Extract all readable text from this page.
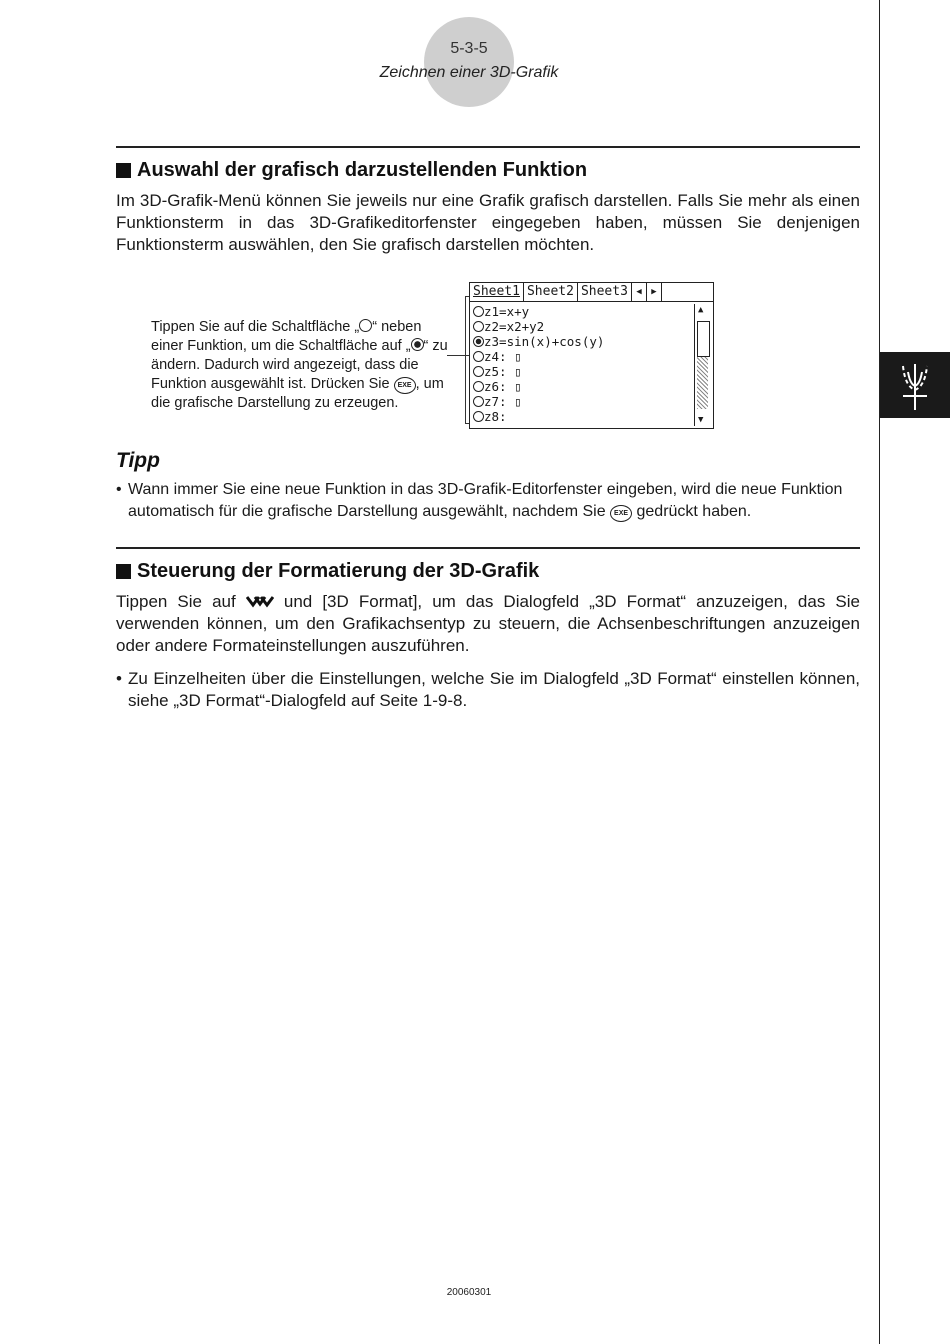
5-3-5
Zeichnen einer 3D-Grafik
Auswahl der grafisch darzustellenden Funktion
Im 3D-Grafik-Menü können Sie jeweils nur eine Grafik grafisch darstellen. Falls Sie mehr als einen Funktionsterm in das 3D-Grafikeditorfenster eingegeben haben, müssen Sie denjenigen Funktionsterm auswählen, den Sie grafisch darstellen möchten.
Tippen Sie auf die Schaltfläche „ “ neben einer Funktion, um die Schaltfläche auf „ “ zu ändern. Dadurch wird angezeigt, dass die Funktion ausgewählt ist. Drücken Sie EXE , um die grafische Darstellung zu erzeugen.
Sheet1 Sheet2 Sheet3 ◀	▶
z1=x+y
z2=x2+y2
z3=sin(x)+cos(y)
z4: ▯
z5: ▯
z6: ▯
z7: ▯
z8:
▲
▼
Tipp
• Wann immer Sie eine neue Funktion in das 3D-Grafik-Editorfenster eingeben, wird die neue Funktion automatisch für die grafische Darstellung ausgewählt, nachdem Sie EXE gedrückt haben.
Steuerung der Formatierung der 3D-Grafik
Tippen Sie auf  und [3D Format], um das Dialogfeld „3D Format“ anzuzeigen, das Sie verwenden können, um den Grafikachsentyp zu steuern, die Achsenbeschriftungen anzuzeigen oder andere Formateinstellungen auszuführen.
• Zu Einzelheiten über die Einstellungen, welche Sie im Dialogfeld „3D Format“ einstellen können, siehe „3D Format“-Dialogfeld auf Seite 1-9-8.
20060301
